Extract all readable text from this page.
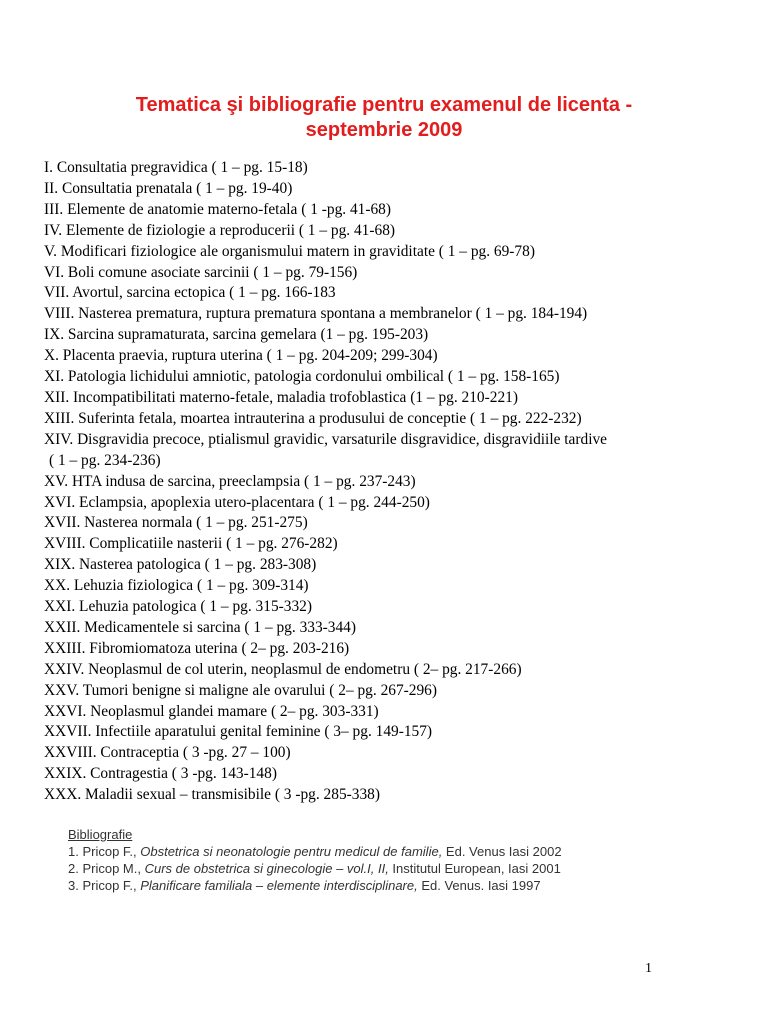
Tematica şi bibliografie pentru examenul de licenta -
septembrie 2009
I. Consultatia pregravidica ( 1 – pg. 15-18)
II. Consultatia prenatala ( 1 – pg. 19-40)
III. Elemente de anatomie materno-fetala ( 1 -pg. 41-68)
IV. Elemente de fiziologie a reproducerii ( 1 – pg. 41-68)
V. Modificari fiziologice ale organismului matern in graviditate ( 1 – pg. 69-78)
VI. Boli comune asociate sarcinii ( 1 – pg. 79-156)
VII. Avortul, sarcina ectopica ( 1 – pg. 166-183
VIII. Nasterea prematura, ruptura prematura spontana a membranelor ( 1 – pg. 184-194)
IX. Sarcina supramaturata, sarcina gemelara (1 – pg. 195-203)
X. Placenta praevia, ruptura uterina ( 1 – pg. 204-209; 299-304)
XI. Patologia lichidului amniotic, patologia cordonului ombilical ( 1 – pg. 158-165)
XII. Incompatibilitati materno-fetale, maladia trofoblastica (1 – pg. 210-221)
XIII. Suferinta fetala, moartea intrauterina a produsului de conceptie ( 1 – pg. 222-232)
XIV. Disgravidia precoce, ptialismul gravidic, varsaturile disgravidice, disgravidiile tardive
( 1 – pg. 234-236)
XV. HTA indusa de sarcina, preeclampsia ( 1 – pg. 237-243)
XVI. Eclampsia, apoplexia utero-placentara ( 1 – pg. 244-250)
XVII. Nasterea normala ( 1 – pg. 251-275)
XVIII. Complicatiile nasterii ( 1 – pg. 276-282)
XIX. Nasterea patologica ( 1 – pg. 283-308)
XX. Lehuzia fiziologica ( 1 – pg. 309-314)
XXI. Lehuzia patologica ( 1 – pg. 315-332)
XXII. Medicamentele si sarcina ( 1 – pg. 333-344)
XXIII. Fibromiomatoza uterina ( 2– pg. 203-216)
XXIV. Neoplasmul de col uterin, neoplasmul de endometru ( 2– pg. 217-266)
XXV. Tumori benigne si maligne ale ovarului ( 2– pg. 267-296)
XXVI. Neoplasmul glandei mamare ( 2– pg. 303-331)
XXVII. Infectiile aparatului genital feminine ( 3– pg. 149-157)
XXVIII. Contraceptia ( 3 -pg. 27 – 100)
XXIX. Contragestia ( 3 -pg. 143-148)
XXX. Maladii sexual – transmisibile ( 3 -pg. 285-338)
Bibliografie
1. Pricop F., Obstetrica si neonatologie pentru medicul de familie, Ed. Venus Iasi 2002
2. Pricop M., Curs de obstetrica si ginecologie – vol.I, II, Institutul European, Iasi 2001
3. Pricop F., Planificare familiala – elemente interdisciplinare, Ed. Venus. Iasi 1997
1
